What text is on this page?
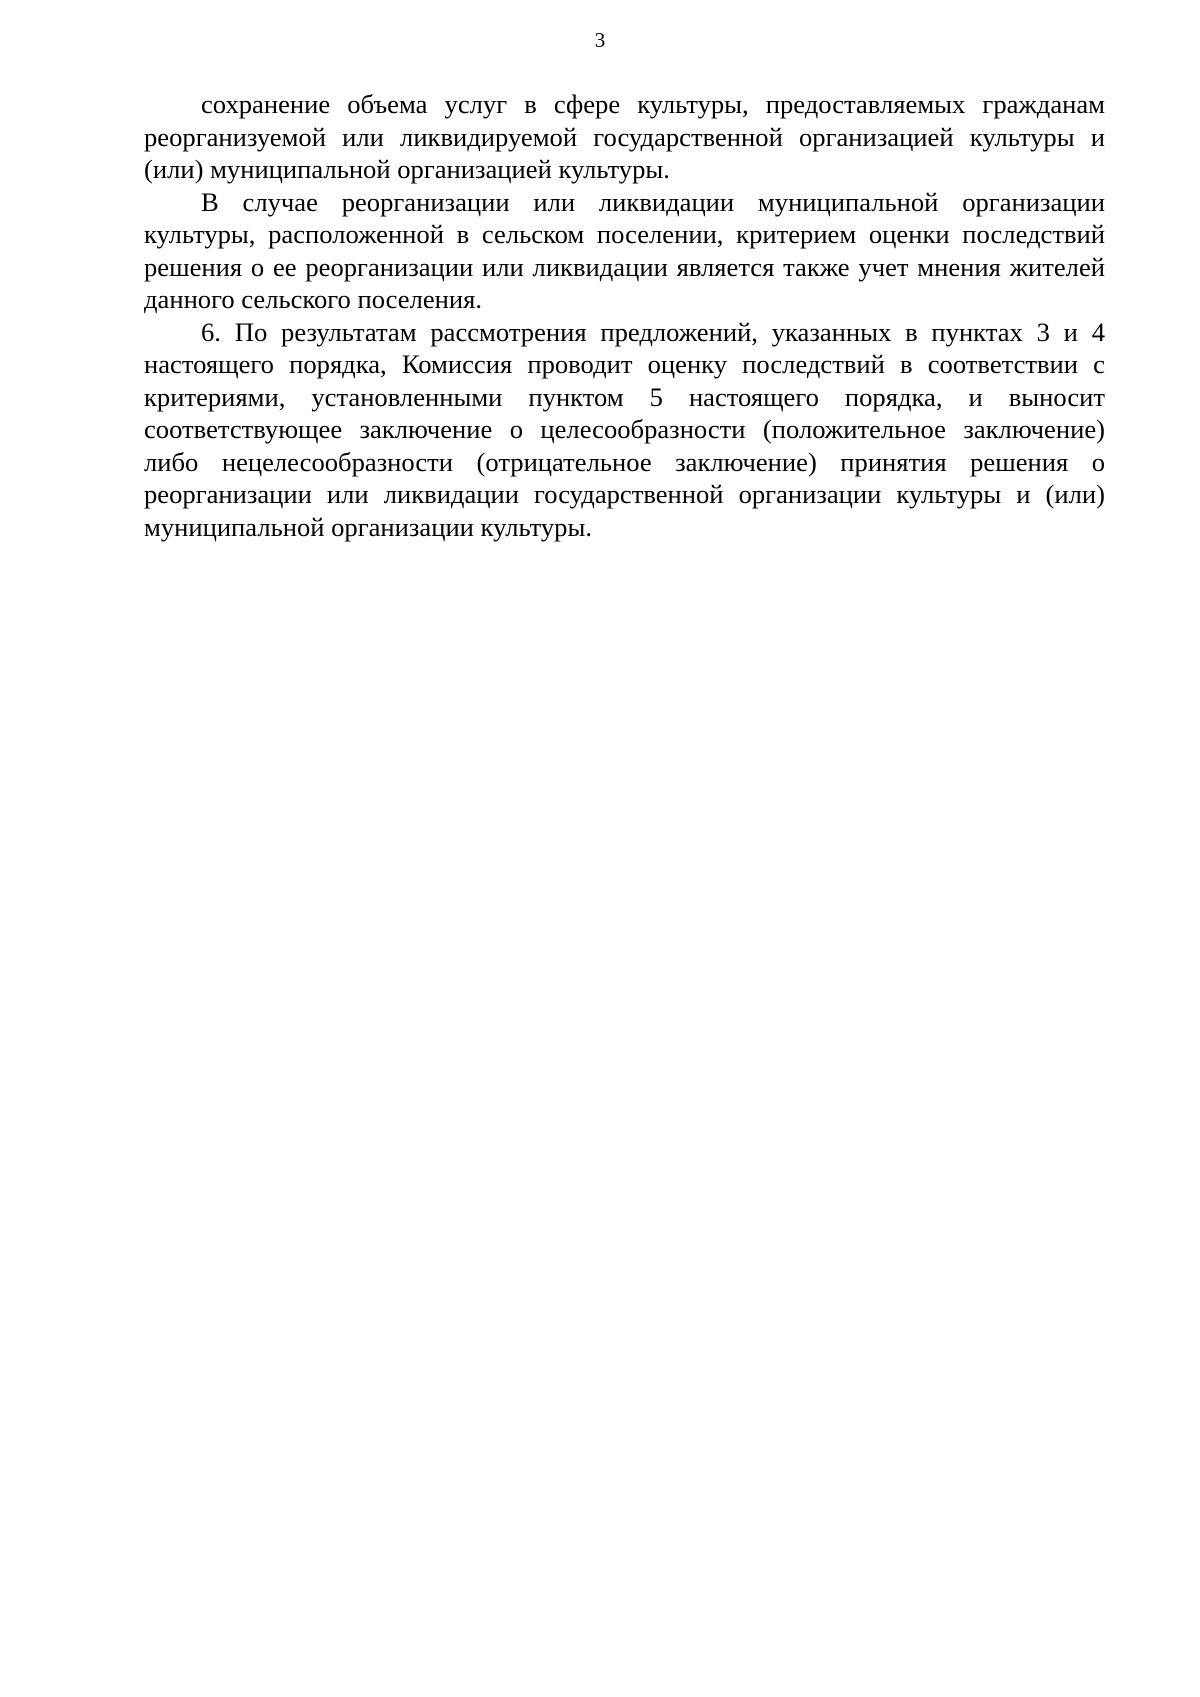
3

сохранение объема услуг в сфере культуры, предоставляемых гражданам реорганизуемой или ликвидируемой государственной организацией культуры и (или) муниципальной организацией культуры.

В случае реорганизации или ликвидации муниципальной организации культуры, расположенной в сельском поселении, критерием оценки последствий решения о ее реорганизации или ликвидации является также учет мнения жителей данного сельского поселения.

6. По результатам рассмотрения предложений, указанных в пунктах 3 и 4 настоящего порядка, Комиссия проводит оценку последствий в соответствии с критериями, установленными пунктом 5 настоящего порядка, и выносит соответствующее заключение о целесообразности (положительное заключение) либо нецелесообразности (отрицательное заключение) принятия решения о реорганизации или ликвидации государственной организации культуры и (или) муниципальной организации культуры.
